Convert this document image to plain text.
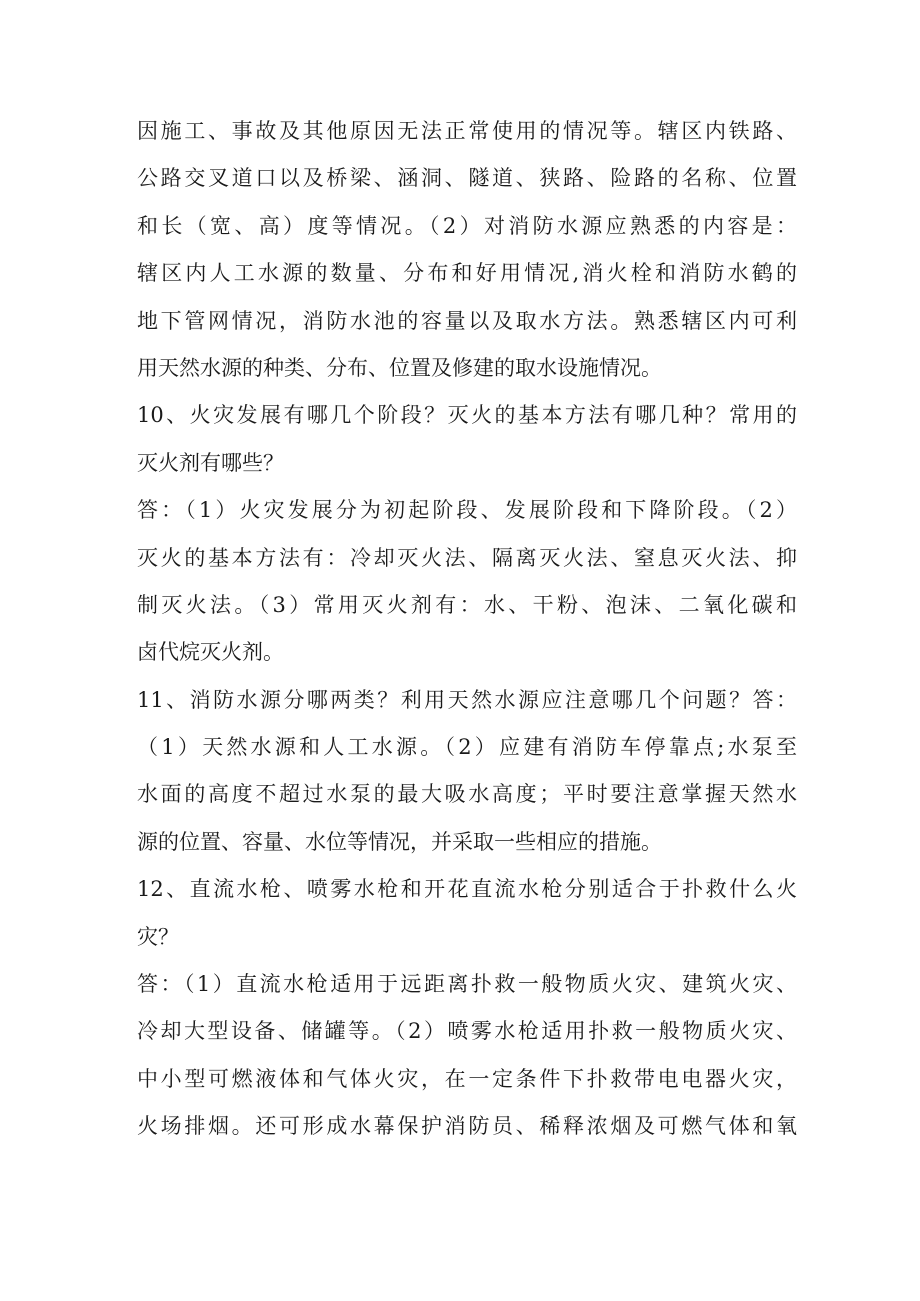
因施工、事故及其他原因无法正常使用的情况等。辖区内铁路、
公路交叉道口以及桥梁、涵洞、隧道、狭路、险路的名称、位置
和长（宽、高）度等情况。（2）对消防水源应熟悉的内容是：
辖区内人工水源的数量、分布和好用情况,消火栓和消防水鹤的
地下管网情况，消防水池的容量以及取水方法。熟悉辖区内可利
用天然水源的种类、分布、位置及修建的取水设施情况。
10、火灾发展有哪几个阶段？灭火的基本方法有哪几种？常用的
灭火剂有哪些？
答：（1）火灾发展分为初起阶段、发展阶段和下降阶段。（2）
灭火的基本方法有：冷却灭火法、隔离灭火法、窒息灭火法、抑
制灭火法。（3）常用灭火剂有：水、干粉、泡沫、二氧化碳和
卤代烷灭火剂。
11、消防水源分哪两类？利用天然水源应注意哪几个问题？答：
（1）天然水源和人工水源。（2）应建有消防车停靠点;水泵至
水面的高度不超过水泵的最大吸水高度；平时要注意掌握天然水
源的位置、容量、水位等情况，并采取一些相应的措施。
12、直流水枪、喷雾水枪和开花直流水枪分别适合于扑救什么火
灾？
答：（1）直流水枪适用于远距离扑救一般物质火灾、建筑火灾、
冷却大型设备、储罐等。（2）喷雾水枪适用扑救一般物质火灾、
中小型可燃液体和气体火灾，在一定条件下扑救带电电器火灾，
火场排烟。还可形成水幕保护消防员、稀释浓烟及可燃气体和氧
